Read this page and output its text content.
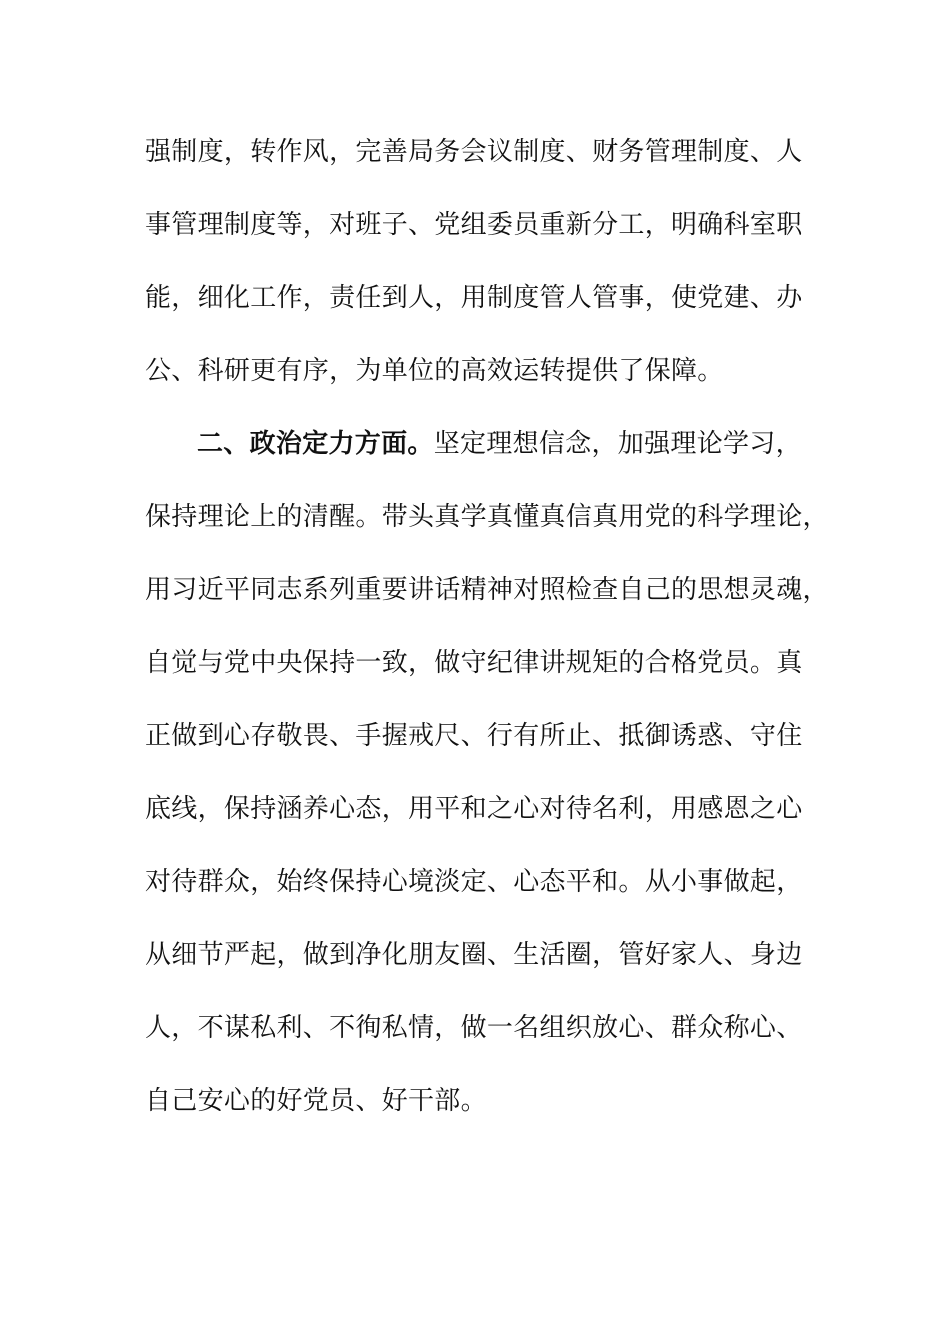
强制度，转作风，完善局务会议制度、财务管理制度、人
事管理制度等，对班子、党组委员重新分工，明确科室职
能，细化工作，责任到人，用制度管人管事，使党建、办
公、科研更有序，为单位的高效运转提供了保障。
二、政治定力方面。坚定理想信念，加强理论学习，
保持理论上的清醒。带头真学真懂真信真用党的科学理论，
用习近平同志系列重要讲话精神对照检查自己的思想灵魂，
自觉与党中央保持一致，做守纪律讲规矩的合格党员。真
正做到心存敬畏、手握戒尺、行有所止、抵御诱惑、守住
底线，保持涵养心态，用平和之心对待名利，用感恩之心
对待群众，始终保持心境淡定、心态平和。从小事做起，
从细节严起，做到净化朋友圈、生活圈，管好家人、身边
人，不谋私利、不徇私情，做一名组织放心、群众称心、
自己安心的好党员、好干部。
